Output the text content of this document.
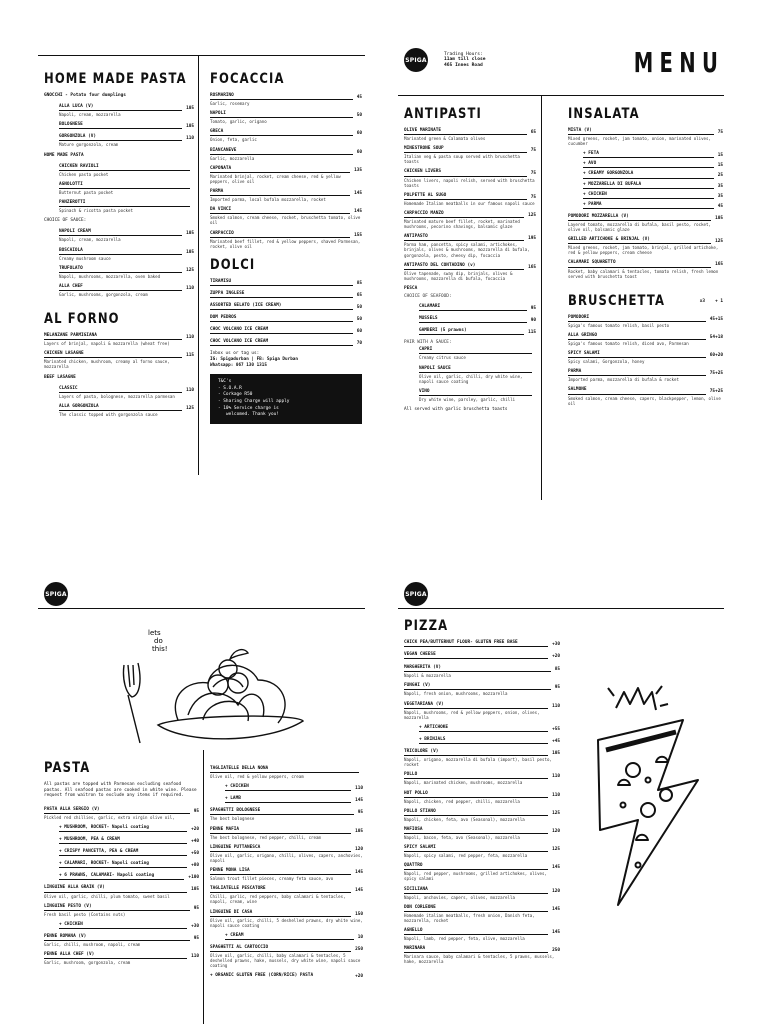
HOME MADE PASTA
GNOCCHI - Potato four dumplings
ALLA LUCA (V)	105
Napoli, cream, mozzarella
BOLOGNESE	105
GORGONZOLA (V)	110
Mature gorgonzola, cream
HOME MADE PASTA
CHICKEN RAVIOLI
Chicken pasta pocket
AGNOLOTTI
Butternut pasta pocket
PANZEROTTI
Spinach & ricotta pasta pocket
CHOICE OF SAUCE:
NAPOLI CREAM	105
Napoli, cream, mozzarella
BOSCAIOLA	105
Creamy mushroom sauce
TRUFOLATO	125
Napoli, mushrooms, mozzarella, oven baked
ALLA CHEF	110
Garlic, mushrooms, gorgonzola, cream
AL FORNO
MELANZANE PARMIGIANA	110
Layers of brinjal, napoli & mozzarella (wheat free)
CHICKEN LASAGNE	115
Marinated chicken, mushroom, creamy al forno sauce, mozzarella
BEEF LASAGNE
CLASSIC	110
Layers of pasta, bolognese, mozzarella parmesan
ALLA GORGONZOLA	125
The classic topped with gorgonzola sauce
FOCACCIA
ROSMARINO	45
Garlic, rosemary
NAPOLI	50
Tomato, garlic, origano
GRECA	60
Onion, feta, garlic
BIANCANEVE	60
Garlic, mozzarella
CAPONATA	135
Marinated brinjal, rocket, cream cheese, red & yellow peppers, olive oil
PARMA	145
Imported parma, local bufala mozzarella, rocket
DA VINCI	145
Smoked salmon, cream cheese, rocket, bruschetta tomato, olive oil
CARPACCIO	155
Marinated beef fillet, red & yellow peppers, shaved Parmesan, rocket, olive oil
DOLCI
TIRAMISU	85
ZUPPA INGLESE	65
ASSORTED GELATO (ICE CREAM)	50
DOM PEDROS	50
CHOC VOLCANO ICE CREAM	60
CHOC VOLCANO ICE CREAM	70
Inbox us or tag us:
IG: Spigadurban | FB: Spiga Durban
Whatsapp: 067 130 1315
T&C's
- S.O.A.R
- Corkage R50
- Sharing Charge will apply
- 10% Service charge is
welcomed. Thank you!
SPIGA
Trading Hours:
11am till close
465 Innes Road	MENU
ANTIPASTI
OLIVE MARINATE	65
Marinated green & Calamata olives
MINESTRONE SOUP	75
Italian veg & pasta soup served with bruschetta toasts
CHICKEN LIVERS	75
Chicken livers, napoli relish, served with bruschetta toasts
POLPETTE AL SUGO	75
Homemade Italian meatballs in our famous napoli sauce
CARPACCIO MANZO	125
Marinated mature beef fillet, rocket, marinated mushrooms, pecorino shavings, balsamic glaze
ANTIPASTO	195
Parma ham, pancetta, spicy salami, artichokes, brinjals, olives & mushrooms, mozzarella di bufala, gorgonzola, pesto, cheesy dip, focaccia
ANTIPASTO DEL CONTADINO (v)	165
Olive tapenade, sway dip, brinjals, olives & mushrooms, mozzarella di bufala, focaccia
PESCA
CHOICE OF SEAFOOD:
CALAMARI	95
MUSSELS	90
GAMBERI (5 prawns)	115
PAIR WITH A SAUCE:
CAPRI
Creamy citrus sauce
NAPOLI SAUCE
Olive oil, garlic, chilli, dry white wine, napoli sauce coating
VINO
Dry white wine, parsley, garlic, chilli
All served with garlic bruschetta toasts
INSALATA
MISTA (V)	75
Mixed greens, rocket, jam tomato, onion, marinated olives, cucumber
+ FETA	15
+ AVO	15
+ CREAMY GORGONZOLA	25
+ MOZZARELLA DI BUFALA	35
+ CHICKEN	35
+ PARMA	45
POMODORI MOZZARELLA (V)	105
Layered tomato, mozzarella di bufala, basil pesto, rocket, olive oil, balsamic glaze
GRILLED ARTICHOKE & BRINJAL (V)	125
Mixed greens, rocket, jam tomato, brinjal, grilled artichoke, red & yellow peppers, cream cheese
CALAMARI SQUARETTO	165
Rocket, baby calamari & tentacles, tomato relish, fresh lemon served with bruschetta toast
BRUSCHETTA	x3 + 1
POMODORI	45 +15
Spiga's famous tomato relish, basil pesto
ALLA GRINGO	54 +18
Spiga's famous tomato relish, diced avo, Parmesan
SPICY SALAMI	60 +20
Spicy salami, Gorgonzola, honey
PARMA	75 +25
Imported parma, mozzarella di bufala & rocket
SALMONE	75 +25
Smoked salmon, cream cheese, capers, blackpepper, lemon, olive oil
SPIGA
lets
do
this!
PASTA
All pastas are topped with Parmesan excluding seafood pastas. All seafood pastas are cooked in white wine. Please request from waitron to exclude any items if required.
PASTA ALLA SERGIO (V)	95
Pickled red chillies, garlic, extra virgin olive oil,
+ MUSHROOM, ROCKET- Napoli coating	+20
+ MUSHROOM, PEA & CREAM	+40
+ CRISPY PANCETTA, PEA & CREAM	+50
+ CALAMARI, ROCKET- Napoli coating	+80
+ 6 PRAWNS, CALAMARI- Napoli coating	+100
LINGUINE ALLA GRAIK (V)	105
Olive oil, garlic, chilli, plum tomato, sweet basil
LINGUINE PESTO (V)	95
Fresh basil pesto (Contains nuts)
+ CHICKEN	+30
PENNE ROMANA (V)	95
Garlic, chilli, mushroom, napoli, cream
PENNE ALLA CHEF (V)	110
Garlic, mushroom, gorgonzola, cream
TAGLIATELLE DELLA NONA
Olive oil, red & yellow peppers, cream
+ CHICKEN	110
+ LAMB	145
SPAGHETTI BOLOGNESE	95
The best bolognese
PENNE MAFIA	105
The best bolognese, red pepper, chilli, cream
LINGUINE PUTTANESCA	120
Olive oil, garlic, origano, chilli, olives, capers, anchovies, napoli
PENNE MONA LISA	145
Salmon trout fillet pieces, creamy feta sauce, avo
TAGLIATELLE PESCATORE	145
Chilli, garlic, red peppers, baby calamari & tentacles, napoli, cream, wine
LINGUINE DI CASA	150
Olive oil, garlic, chilli, 5 deshelled prawns, dry white wine, napoli sauce coating
+ CREAM	10
SPAGHETTI AL CARTOCCIO	250
Olive oil, garlic, chilli, baby calamari & tentacles, 5 deshelled prawns, hake, mussels, dry white wine, napoli sauce coating
+ ORGANIC GLUTEN FREE (CORN/RICE) PASTA	+20
SPIGA
PIZZA
CHICK PEA/BUTTERNUT FLOUR- GLUTEN FREE BASE	+30
VEGAN CHEESE	+20
MARGHERITA (V)	85
Napoli & mozzarella
FUNGHI (V)	95
Napoli, fresh onion, mushrooms, mozzarella
VEGETARIANA (V)	110
Napoli, mushrooms, red & yellow peppers, onion, olives, mozzarella
+ ARTICHOKE	+55
+ BRINJALS	+45
TRICOLORE (V)	105
Napoli, origano, mozzarella di bufala (import), basil pesto, rocket
POLLO	110
Napoli, marinated chicken, mushrooms, mozzarella
HOT POLLO	110
Napoli, chicken, red pepper, chilli, mozzarella
POLLO STIANO	125
Napoli, chicken, feta, avo (Seasonal), mozzarella
MAFIOSA	120
Napoli, bacon, feta, avo (Seasonal), mozzarella
SPICY SALAMI	125
Napoli, spicy salami, red pepper, feta, mozzarella
QUATTRO	145
Napoli, red pepper, mushrooms, grilled artichokes, olives, spicy salami
SICILIANA	120
Napoli, anchovies, capers, olives, mozzarella
DON CORLEONE	145
Homemade italian meatballs, fresh onion, Danish feta, mozzarella, rocket
AGNELLO	145
Napoli, lamb, red pepper, feta, olive, mozzarella
MARINARA	250
Marinara sauce, baby calamari & tentacles, 5 prawns, mussels, hake, mozzarella
